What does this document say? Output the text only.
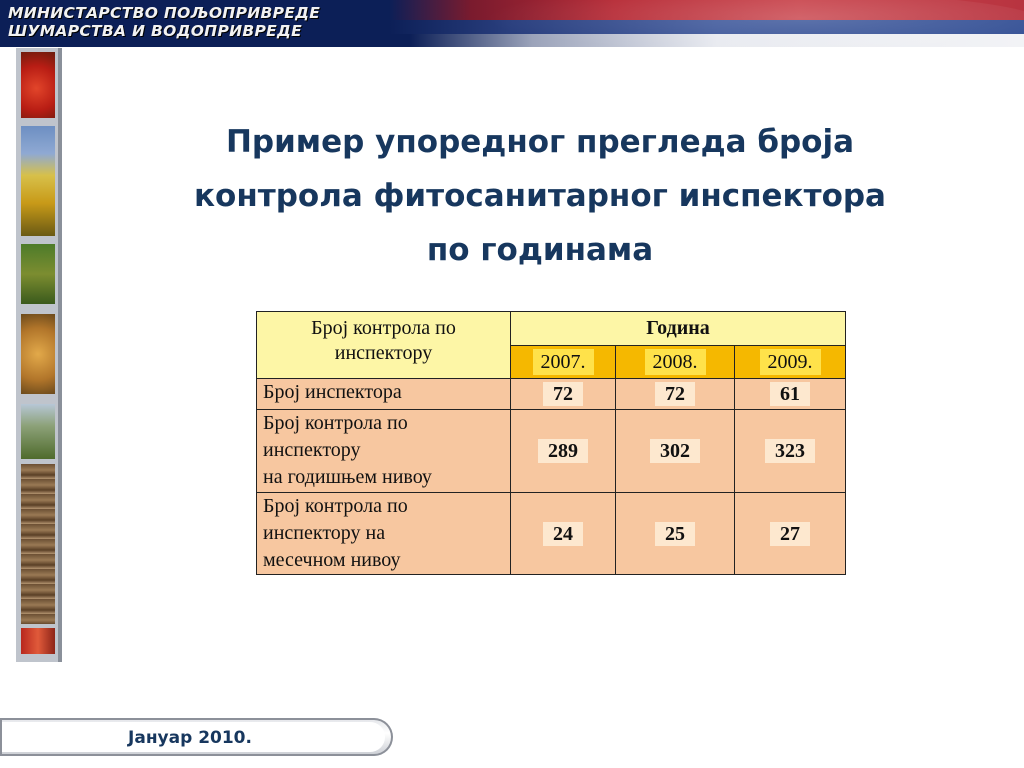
МИНИСТАРСТВО ПОЉОПРИВРЕДЕ
ШУМАРСТВА И ВОДОПРИВРЕДЕ
Пример упоредног прегледа броја
контрола фитосанитарног инспектора
по годинама
Број контрола по
инспектору	Година		
	2007.	2008.	2009.

Број инспектора	72	72	61

Број контрола по
инспектору
на годишњем нивоу	289	302	323

Број контрола по
инспектору на
месечном нивоу	24	25	27
Јануар 2010.
